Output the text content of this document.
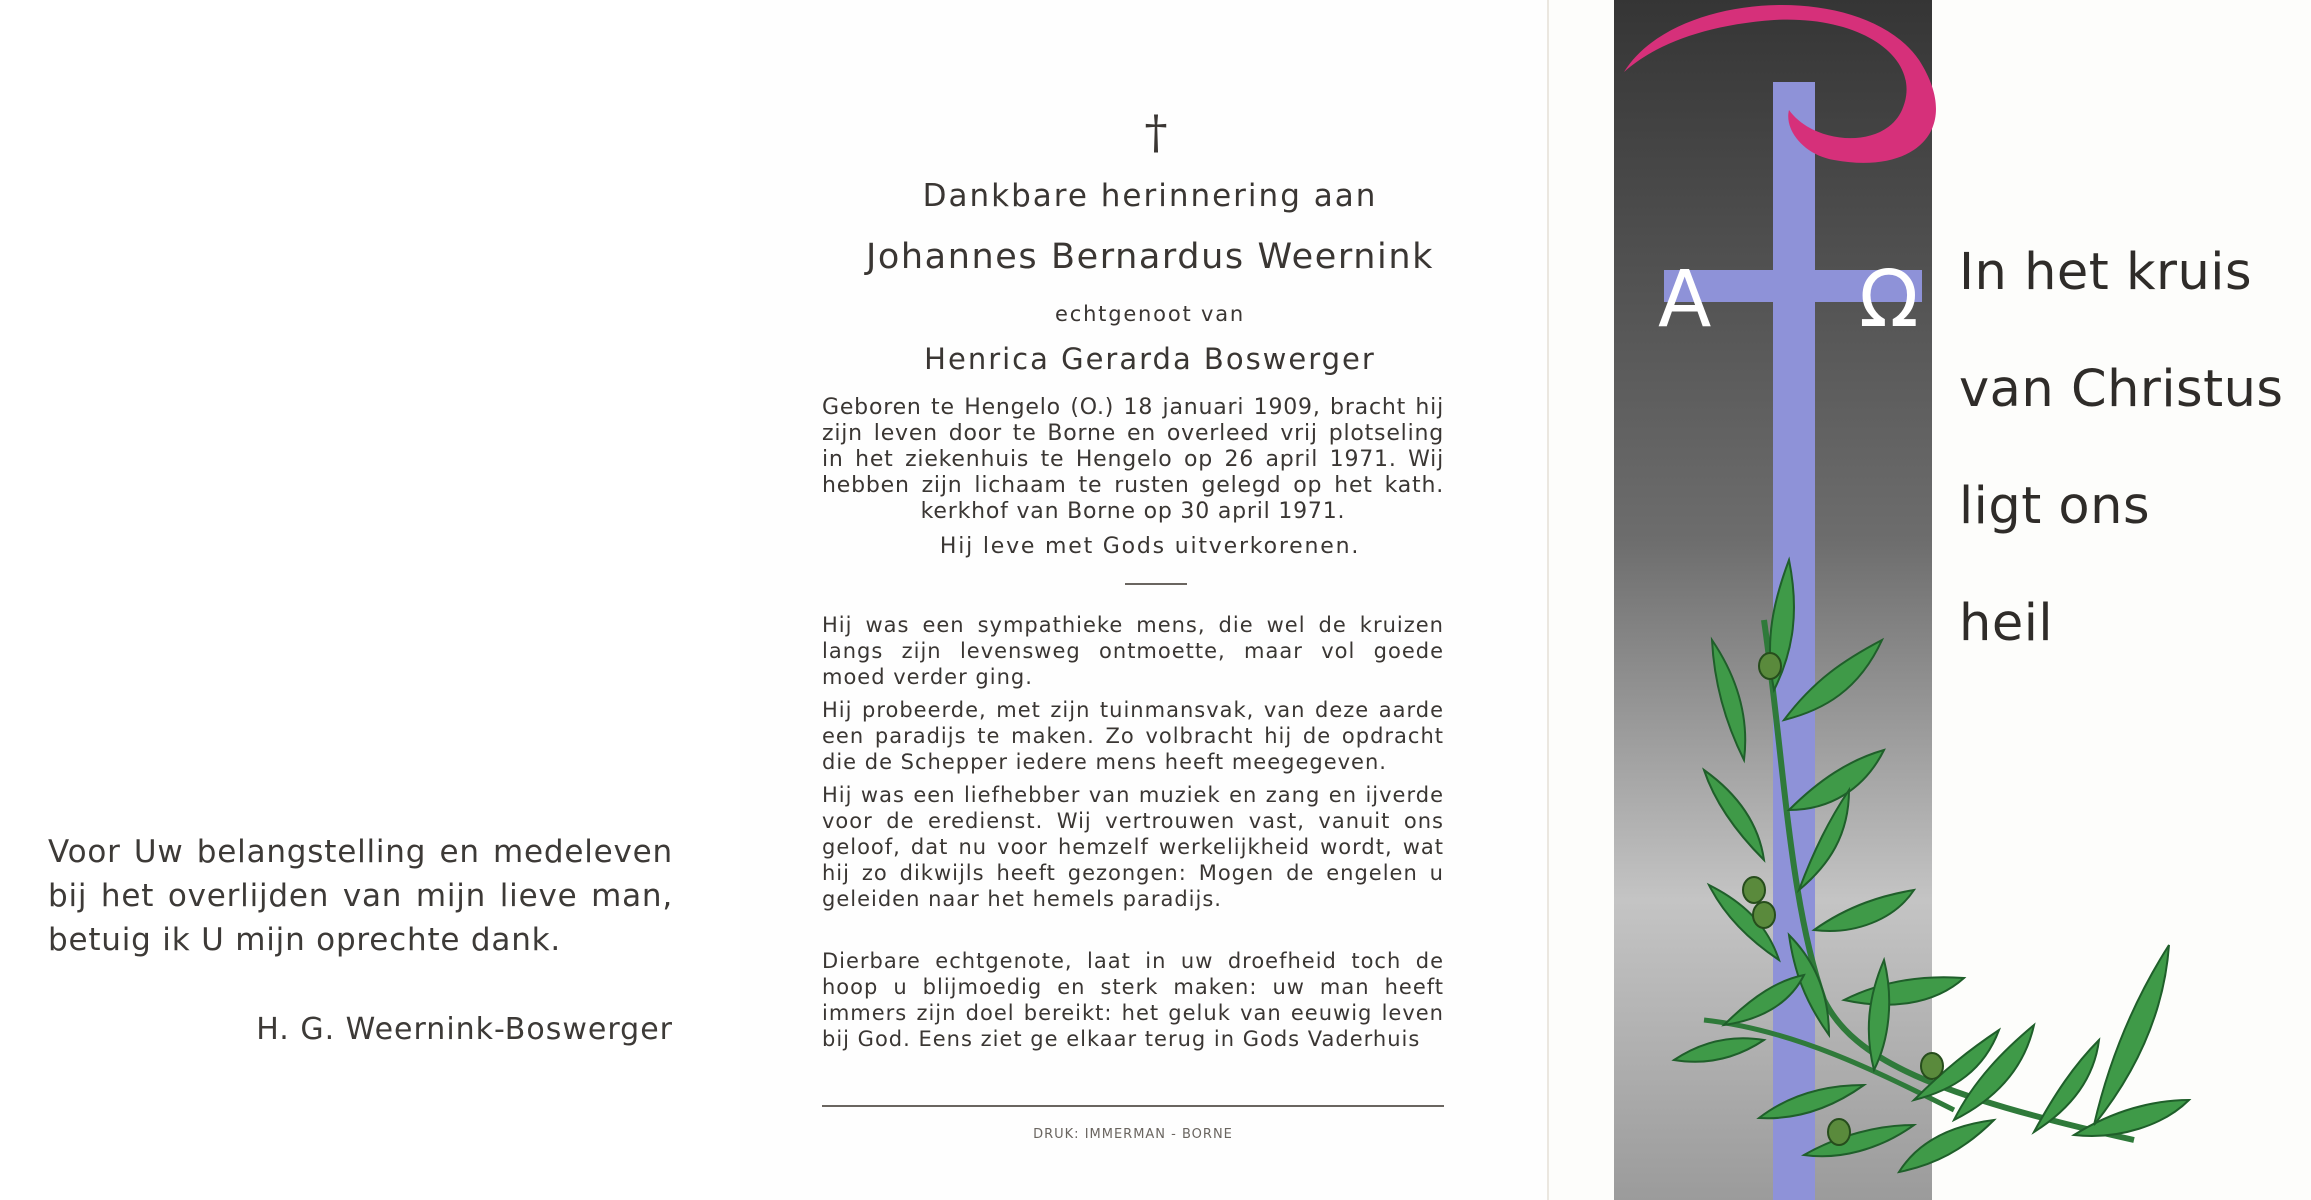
Voor Uw belangstelling en medeleven bij het overlijden van mijn lieve man, betuig ik U mijn oprechte dank.

H. G. Weernink-Boswerger
†
Dankbare herinnering aan
Johannes Bernardus Weernink
echtgenoot van
Henrica Gerarda Boswerger

Geboren te Hengelo (O.) 18 januari 1909, bracht hij zijn leven door te Borne en overleed vrij plotseling in het ziekenhuis te Hengelo op 26 april 1971. Wij hebben zijn lichaam te rusten gelegd op het kath. kerkhof van Borne op 30 april 1971.

Hij leve met Gods uitverkorenen.

Hij was een sympathieke mens, die wel de kruizen langs zijn levensweg ontmoette, maar vol goede moed verder ging.

Hij probeerde, met zijn tuinmansvak, van deze aarde een paradijs te maken. Zo volbracht hij de opdracht die de Schepper iedere mens heeft meegegeven.

Hij was een liefhebber van muziek en zang en ijverde voor de eredienst. Wij vertrouwen vast, vanuit ons geloof, dat nu voor hemzelf werkelijkheid wordt, wat hij zo dikwijls heeft gezongen: Mogen de engelen u geleiden naar het hemels paradijs.

Dierbare echtgenote, laat in uw droefheid toch de hoop u blijmoedig en sterk maken: uw man heeft immers zijn doel bereikt: het geluk van eeuwig leven bij God. Eens ziet ge elkaar terug in Gods Vaderhuis

DRUK: IMMERMAN - BORNE
A Ω In het kruis
van Christus
ligt ons
heil
